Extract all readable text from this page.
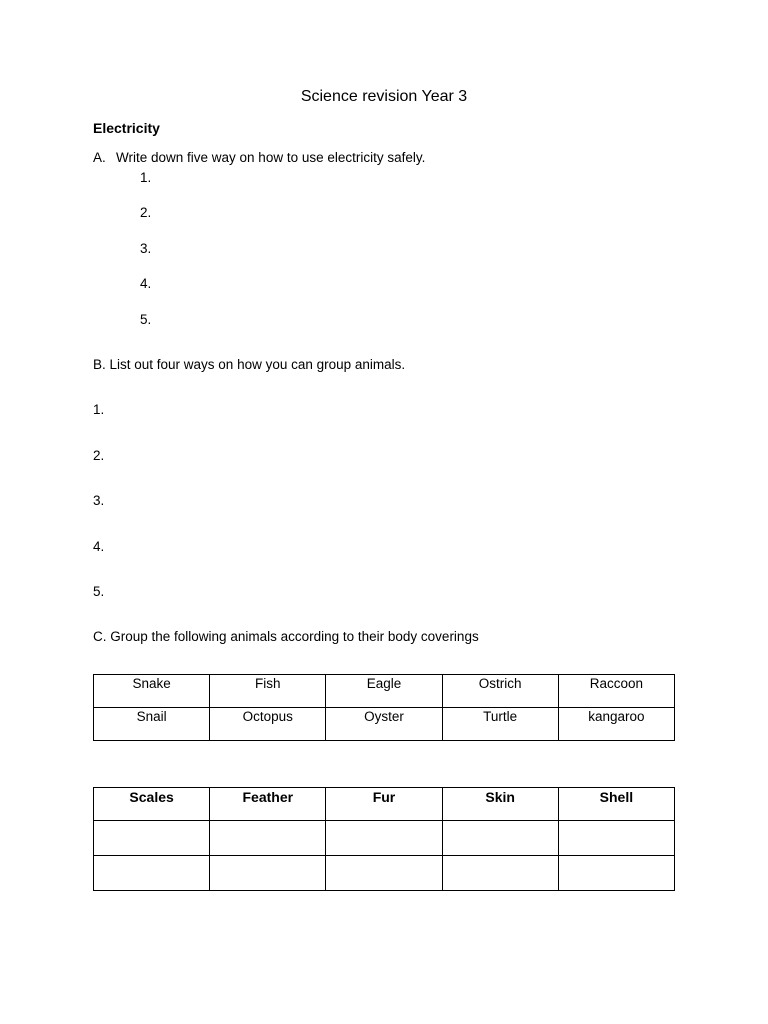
Science revision Year 3
Electricity
A. Write down five way on how to use electricity safely.
1.
2.
3.
4.
5.
B. List out four ways on how you can group animals.
1.
2.
3.
4.
5.
C. Group the following animals according to their body coverings
Snake	Fish	Eagle	Ostrich	Raccoon
Snail	Octopus	Oyster	Turtle	kangaroo
Scales	Feather	Fur	Skin	Shell
